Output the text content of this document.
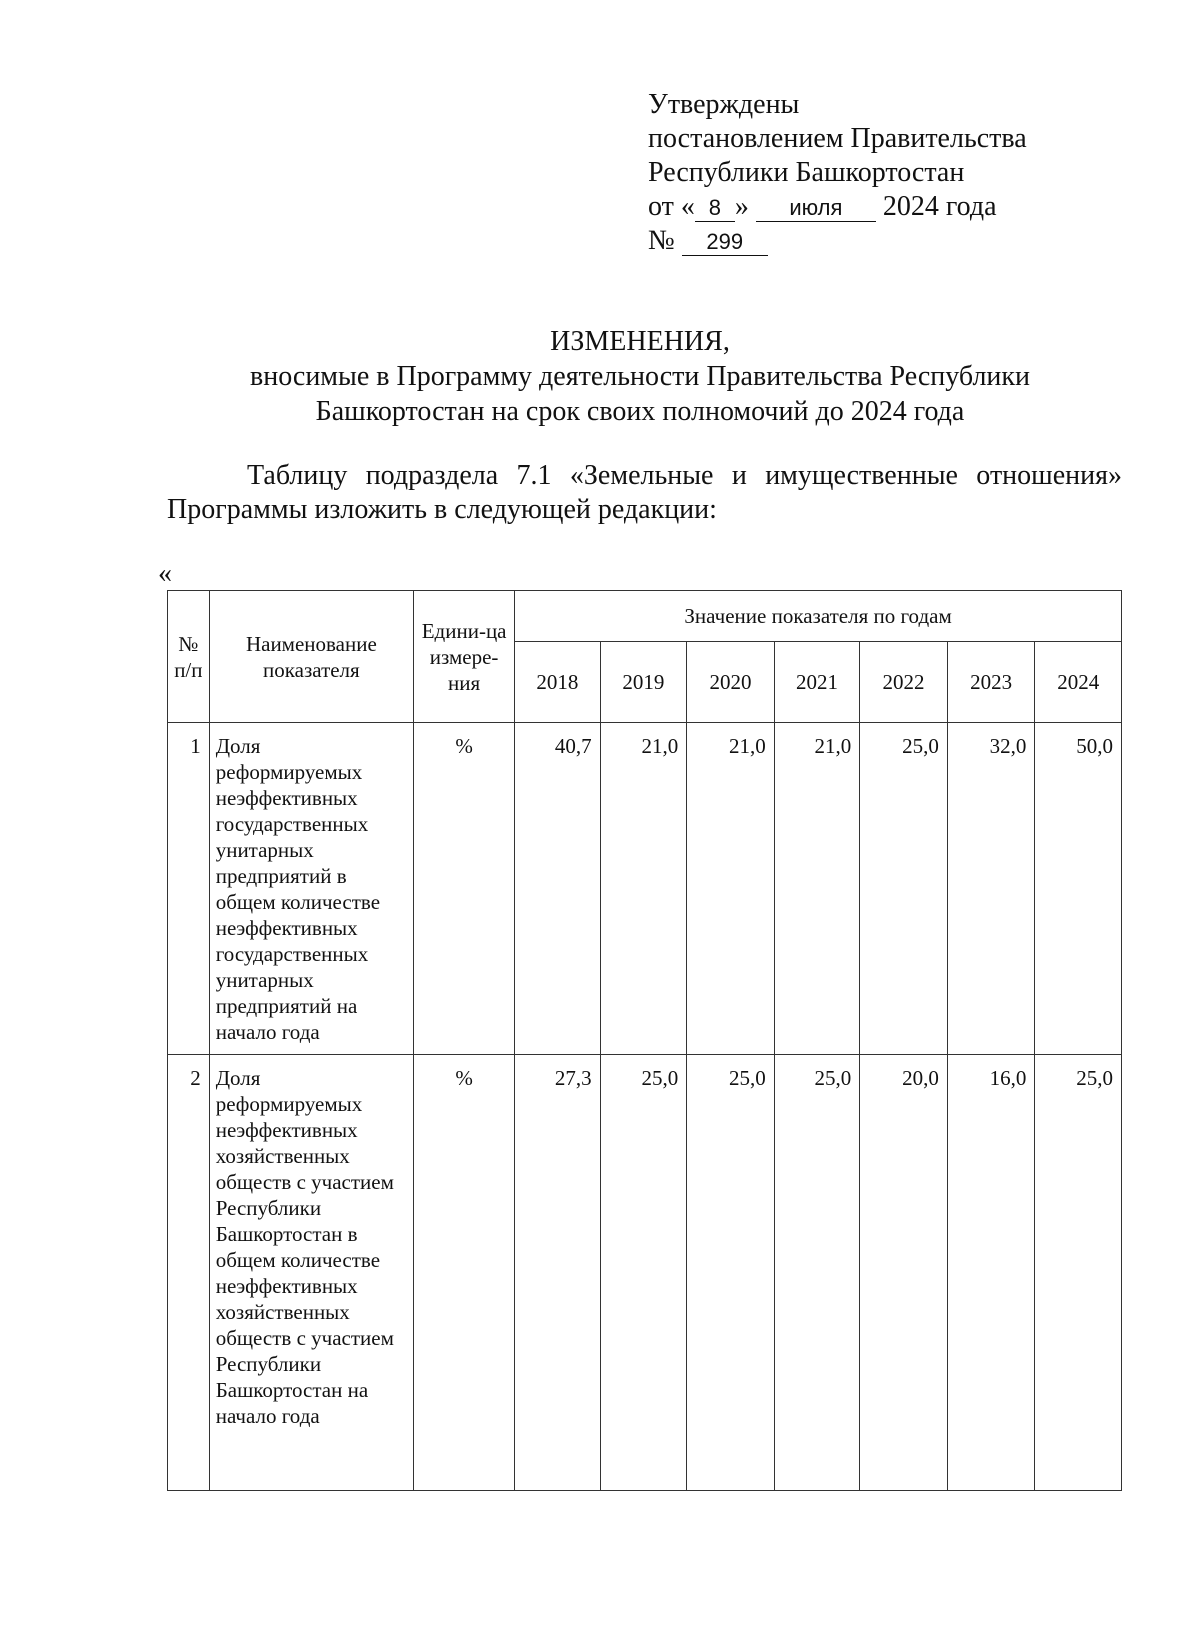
Утверждены
постановлением Правительства
Республики Башкортостан
от « 8 » июля 2024 года
№ 299
ИЗМЕНЕНИЯ,
вносимые в Программу деятельности Правительства Республики
Башкортостан на срок своих полномочий до 2024 года
Таблицу подраздела 7.1 «Земельные и имущественные отношения» Программы изложить в следующей редакции:
«
№ п/п	Наименование показателя	Едини-ца измере-ния	Значение показателя по годам						
			2018	2019	2020	2021	2022	2023	2024
1	Доля реформируемых неэффективных государственных унитарных предприятий в общем количестве неэффективных государственных унитарных предприятий на начало года	%	40,7	21,0	21,0	21,0	25,0	32,0	50,0
2	Доля реформируемых неэффективных хозяйственных обществ с участием Республики Башкортостан в общем количестве неэффективных хозяйственных обществ с участием Республики Башкортостан на начало года	%	27,3	25,0	25,0	25,0	20,0	16,0	25,0
